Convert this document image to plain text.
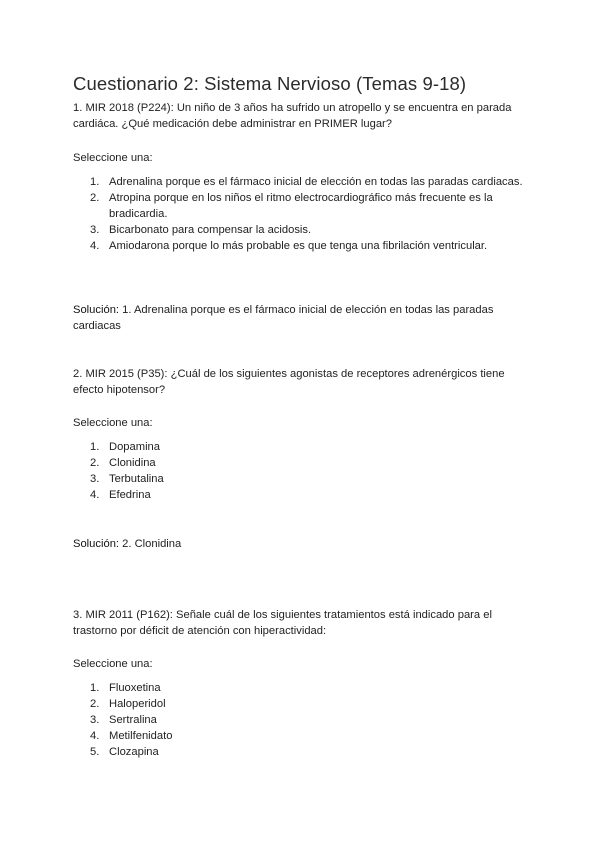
Cuestionario 2: Sistema Nervioso (Temas 9-18)

1. MIR 2018 (P224): Un niño de 3 años ha sufrido un atropello y se encuentra en parada cardiáca. ¿Qué medicación debe administrar en PRIMER lugar?

Seleccione una:

1. Adrenalina porque es el fármaco inicial de elección en todas las paradas cardiacas.
2. Atropina porque en los niños el ritmo electrocardiográfico más frecuente es la bradicardia.
3. Bicarbonato para compensar la acidosis.
4. Amiodarona porque lo más probable es que tenga una fibrilación ventricular.

Solución: 1. Adrenalina porque es el fármaco inicial de elección en todas las paradas cardiacas

2. MIR 2015 (P35): ¿Cuál de los siguientes agonistas de receptores adrenérgicos tiene efecto hipotensor?

Seleccione una:

1. Dopamina
2. Clonidina
3. Terbutalina
4. Efedrina

Solución: 2. Clonidina

3. MIR 2011 (P162): Señale cuál de los siguientes tratamientos está indicado para el trastorno por déficit de atención con hiperactividad:

Seleccione una:

1. Fluoxetina
2. Haloperidol
3. Sertralina
4. Metilfenidato
5. Clozapina
